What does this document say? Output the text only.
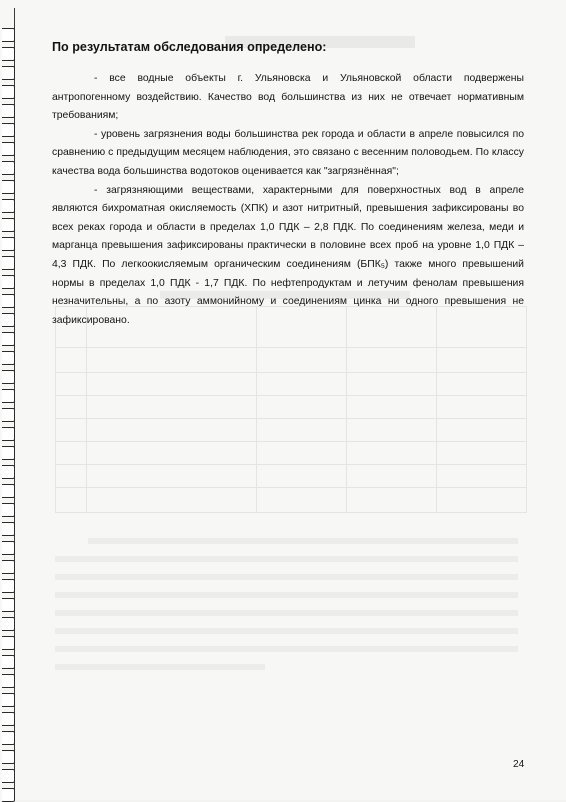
По результатам обследования определено:

- все водные объекты г. Ульяновска и Ульяновской области подвержены антропогенному воздействию. Качество вод большинства из них не отвечает нормативным требованиям;

- уровень загрязнения воды большинства рек города и области в апреле повысился по сравнению с предыдущим месяцем наблюдения, это связано с весенним половодьем. По классу качества вода большинства водотоков оценивается как "загрязнённая";

- загрязняющими веществами, характерными для поверхностных вод в апреле являются бихроматная окисляемость (ХПК) и азот нитритный, превышения зафиксированы во всех реках города и области в пределах 1,0 ПДК – 2,8 ПДК. По соединениям железа, меди и марганца превышения зафиксированы практически в половине всех проб на уровне 1,0 ПДК – 4,3 ПДК. По легкоокисляемым органическим соединениям (БПК₅) также много превышений нормы в пределах 1,0 ПДК - 1,7 ПДК. По нефтепродуктам и летучим фенолам превышения незначительны, а по азоту аммонийному и соединениям цинка ни одного превышения не зафиксировано.

24
